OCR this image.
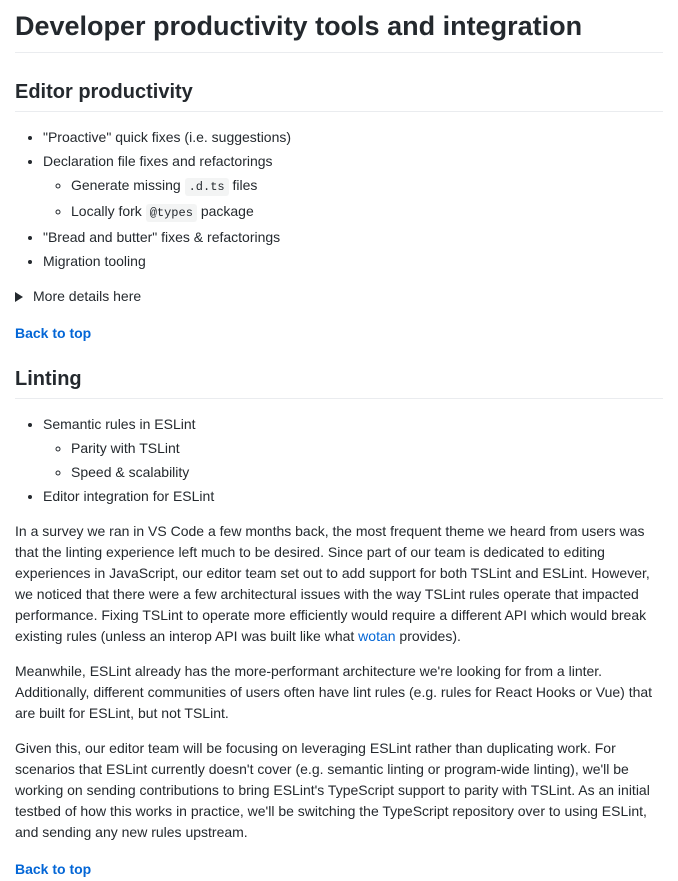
Developer productivity tools and integration
Editor productivity
• "Proactive" quick fixes (i.e. suggestions)
• Declaration file fixes and refactorings
◦ Generate missing .d.ts files
◦ Locally fork @types package
• "Bread and butter" fixes & refactorings
• Migration tooling
More details here
Back to top
Linting
• Semantic rules in ESLint
◦ Parity with TSLint
◦ Speed & scalability
• Editor integration for ESLint

In a survey we ran in VS Code a few months back, the most frequent theme we heard from users was that the linting experience left much to be desired. Since part of our team is dedicated to editing experiences in JavaScript, our editor team set out to add support for both TSLint and ESLint. However, we noticed that there were a few architectural issues with the way TSLint rules operate that impacted performance. Fixing TSLint to operate more efficiently would require a different API which would break existing rules (unless an interop API was built like what wotan provides).

Meanwhile, ESLint already has the more-performant architecture we're looking for from a linter. Additionally, different communities of users often have lint rules (e.g. rules for React Hooks or Vue) that are built for ESLint, but not TSLint.

Given this, our editor team will be focusing on leveraging ESLint rather than duplicating work. For scenarios that ESLint currently doesn't cover (e.g. semantic linting or program-wide linting), we'll be working on sending contributions to bring ESLint's TypeScript support to parity with TSLint. As an initial testbed of how this works in practice, we'll be switching the TypeScript repository over to using ESLint, and sending any new rules upstream.

Back to top
